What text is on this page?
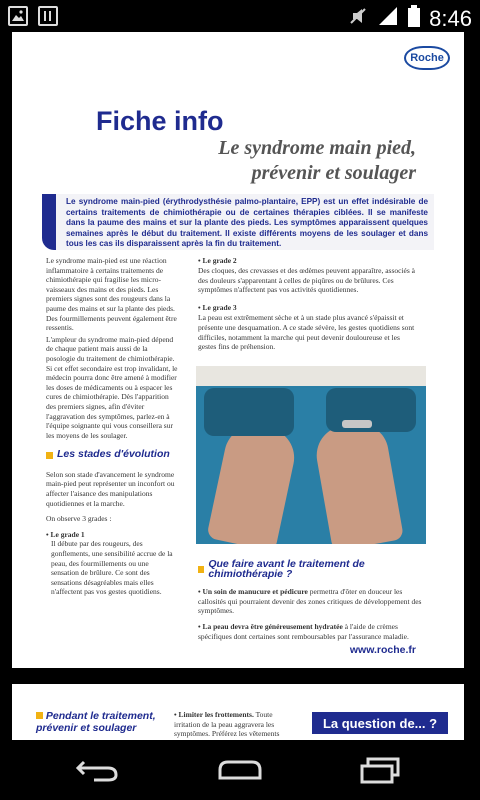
8:46
Roche
Fiche info
Le syndrome main pied,
prévenir et soulager
Le syndrome main-pied (érythrodysthésie palmo-plantaire, EPP) est un effet indésirable de certains traitements de chimiothérapie ou de certaines thérapies ciblées. Il se manifeste dans la paume des mains et sur la plante des pieds. Les symptômes apparaissent quelques semaines après le début du traitement. Il existe différents moyens de les soulager et dans tous les cas ils disparaissent après la fin du traitement.

Le syndrome main-pied est une réaction inflammatoire à certains traitements de chimiothérapie qui fragilise les micro-vaisseaux des mains et des pieds. Les premiers signes sont des rougeurs dans la paume des mains et sur la plante des pieds. Des fourmillements peuvent également être ressentis.

L'ampleur du syndrome main-pied dépend de chaque patient mais aussi de la posologie du traitement de chimiothérapie. Si cet effet secondaire est trop invalidant, le médecin pourra donc être amené à modifier les doses de médicaments ou à espacer les cures de chimiothérapie. Dès l'apparition des premiers signes, afin d'éviter l'aggravation des symptômes, parlez-en à l'équipe soignante qui vous conseillera sur les moyens de les soulager.

Les stades d'évolution

Selon son stade d'avancement le syndrome main-pied peut représenter un inconfort ou affecter l'aisance des manipulations quotidiennes et la marche.

On observe 3 grades :

• Le grade 1
Il débute par des rougeurs, des gonflements, une sensibilité accrue de la peau, des fourmillements ou une sensation de brûlure. Ce sont des sensations désagréables mais elles n'affectent pas vos gestes quotidiens.
• Le grade 2
Des cloques, des crevasses et des œdèmes peuvent apparaître, associés à des douleurs s'apparentant à celles de piqûres ou de brûlures. Ces symptômes n'affectent pas vos activités quotidiennes.
• Le grade 3
La peau est extrêmement sèche et à un stade plus avancé s'épaissit et présente une desquamation. A ce stade sévère, les gestes quotidiens sont difficiles, notamment la marche qui peut devenir douloureuse et les gestes fins de préhension.
Que faire avant le traitement de chimiothérapie ?
• Un soin de manucure et pédicure permettra d'ôter en douceur les callosités qui pourraient devenir des zones critiques de développement des symptômes.
• La peau devra être généreusement hydratée à l'aide de crèmes spécifiques dont certaines sont remboursables par l'assurance maladie.
www.roche.fr
Pendant le traitement, prévenir et soulager
• Limiter les frottements. Toute irritation de la peau aggravera les symptômes. Préférez les vêtements
La question de... ?
